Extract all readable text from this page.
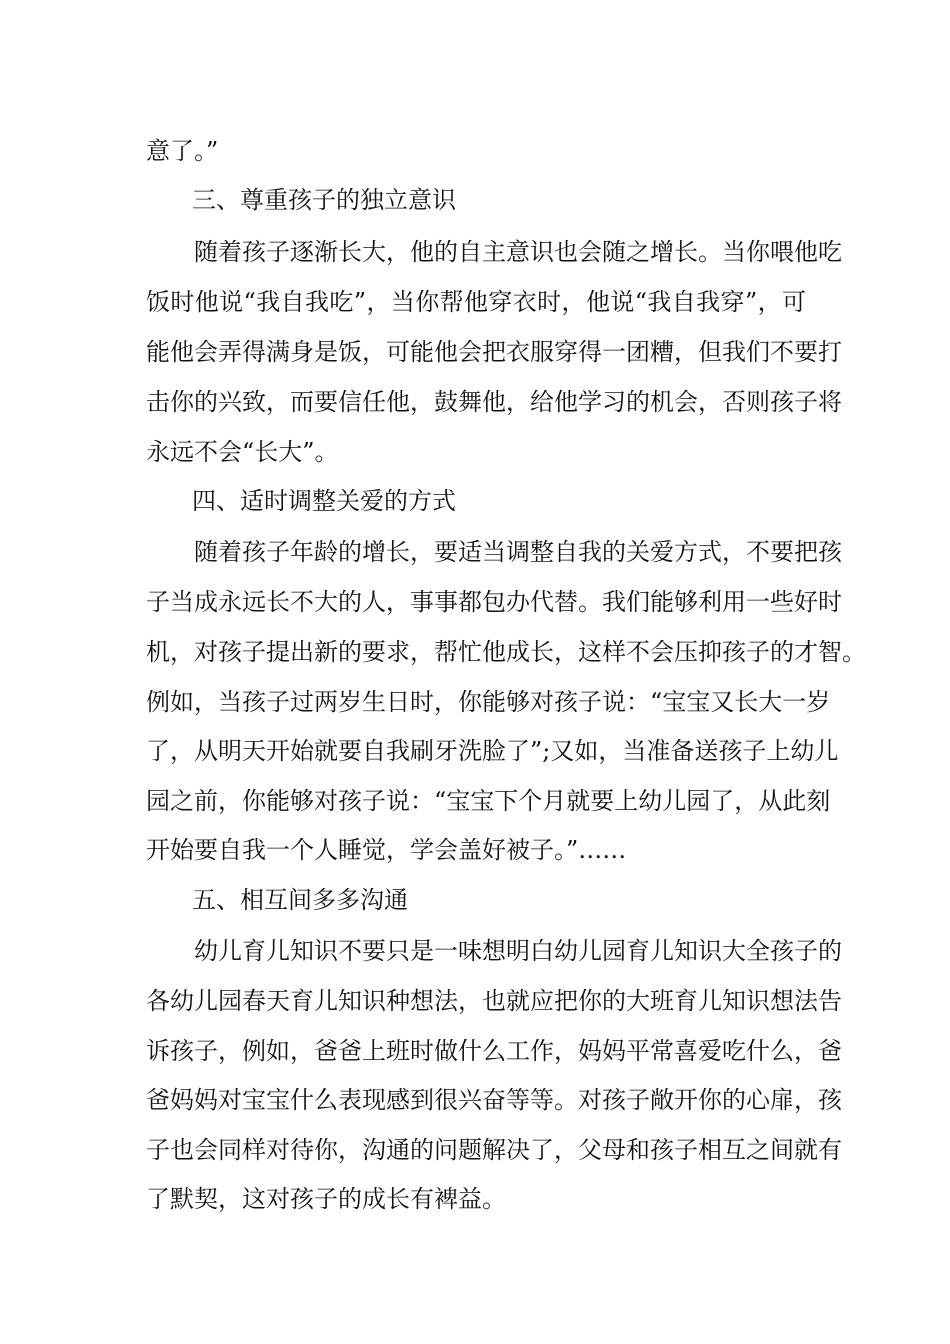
意了。”
三、尊重孩子的独立意识
随着孩子逐渐长大，他的自主意识也会随之增长。当你喂他吃
饭时他说“我自我吃”，当你帮他穿衣时，他说“我自我穿”，可
能他会弄得满身是饭，可能他会把衣服穿得一团糟，但我们不要打
击你的兴致，而要信任他，鼓舞他，给他学习的机会，否则孩子将
永远不会“长大”。
四、适时调整关爱的方式
随着孩子年龄的增长，要适当调整自我的关爱方式，不要把孩
子当成永远长不大的人，事事都包办代替。我们能够利用一些好时
机，对孩子提出新的要求，帮忙他成长，这样不会压抑孩子的才智。
例如，当孩子过两岁生日时，你能够对孩子说：“宝宝又长大一岁
了，从明天开始就要自我刷牙洗脸了”;又如，当准备送孩子上幼儿
园之前，你能够对孩子说：“宝宝下个月就要上幼儿园了，从此刻
开始要自我一个人睡觉，学会盖好被子。”……
五、相互间多多沟通
幼儿育儿知识不要只是一味想明白幼儿园育儿知识大全孩子的
各幼儿园春天育儿知识种想法，也就应把你的大班育儿知识想法告
诉孩子，例如，爸爸上班时做什么工作，妈妈平常喜爱吃什么，爸
爸妈妈对宝宝什么表现感到很兴奋等等。对孩子敞开你的心扉，孩
子也会同样对待你，沟通的问题解决了，父母和孩子相互之间就有
了默契，这对孩子的成长有裨益。
